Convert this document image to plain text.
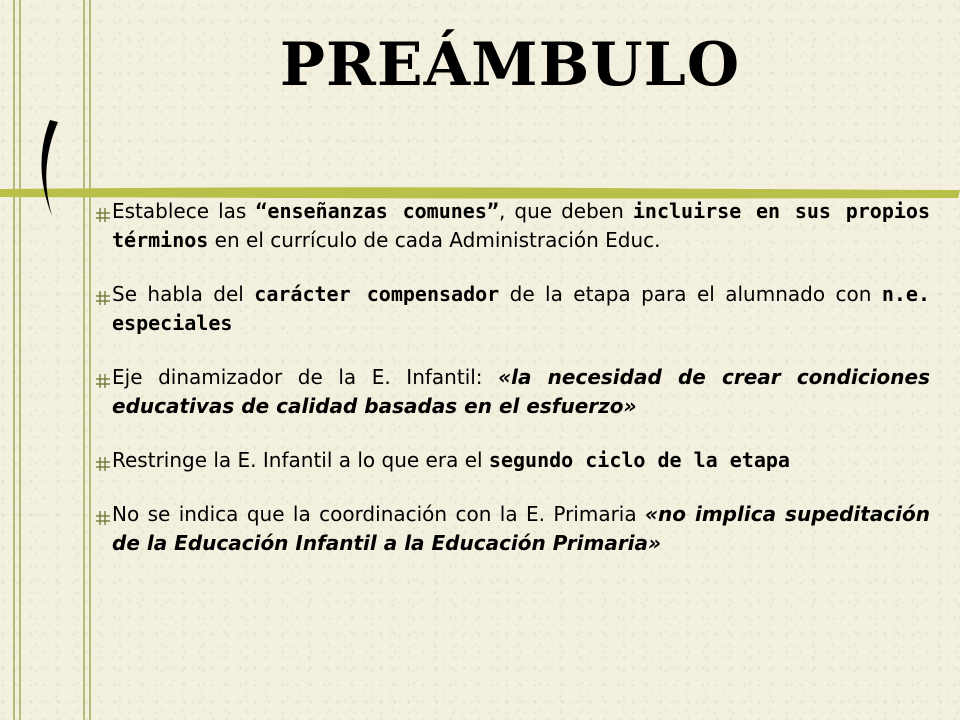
PREÁMBULO
Establece las “enseñanzas comunes”, que deben incluirse en sus propios términos en el currículo de cada Administración Educ.
Se habla del carácter compensador de la etapa para el alumnado con n.e. especiales
Eje dinamizador de la E. Infantil: «la necesidad de crear condiciones educativas de calidad basadas en el esfuerzo»
Restringe la E. Infantil a lo que era el segundo ciclo de la etapa
No se indica que la coordinación con la E. Primaria «no implica supeditación de la Educación Infantil a la Educación Primaria»
